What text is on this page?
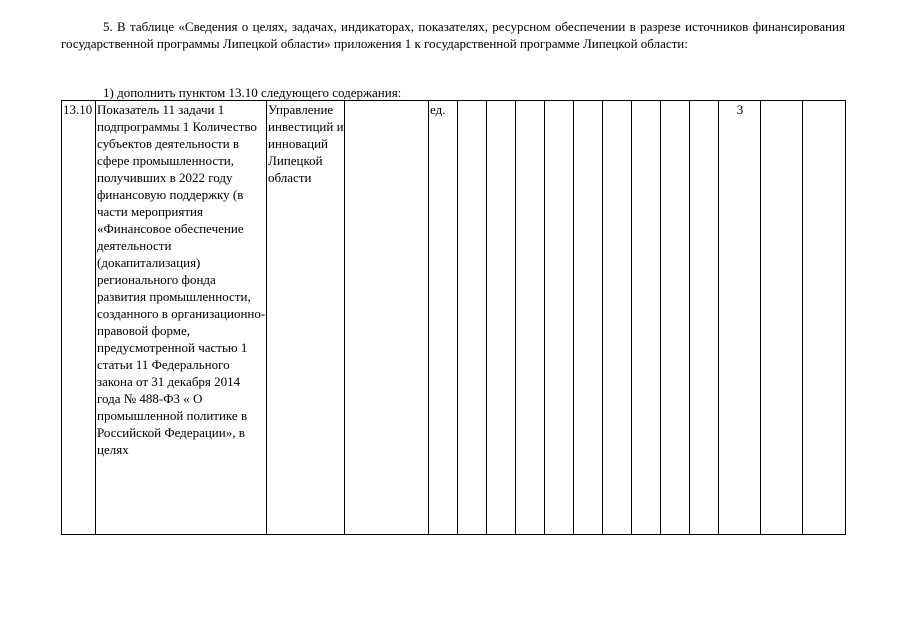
5. В таблице «Сведения о целях, задачах, индикаторах, показателях, ресурсном обеспечении в разрезе источников финансирования государственной программы Липецкой области» приложения 1 к государственной программе Липецкой области:
1) дополнить пунктом 13.10 следующего содержания:
13.10	Показатель 11 задачи 1 подпрограммы 1 Количество субъектов деятельности в сфере промышленности, получивших в 2022 году финансовую поддержку (в части мероприятия «Финансовое обеспечение деятельности (докапитализация) регионального фонда развития промышленности, созданного в организационно-правовой форме, предусмотренной частью 1 статьи 11 Федерального закона от 31 декабря 2014 года № 488-ФЗ « О промышленной политике в Российской Федерации», в целях	Управление инвестиций и инноваций Липецкой области		ед.										3		
